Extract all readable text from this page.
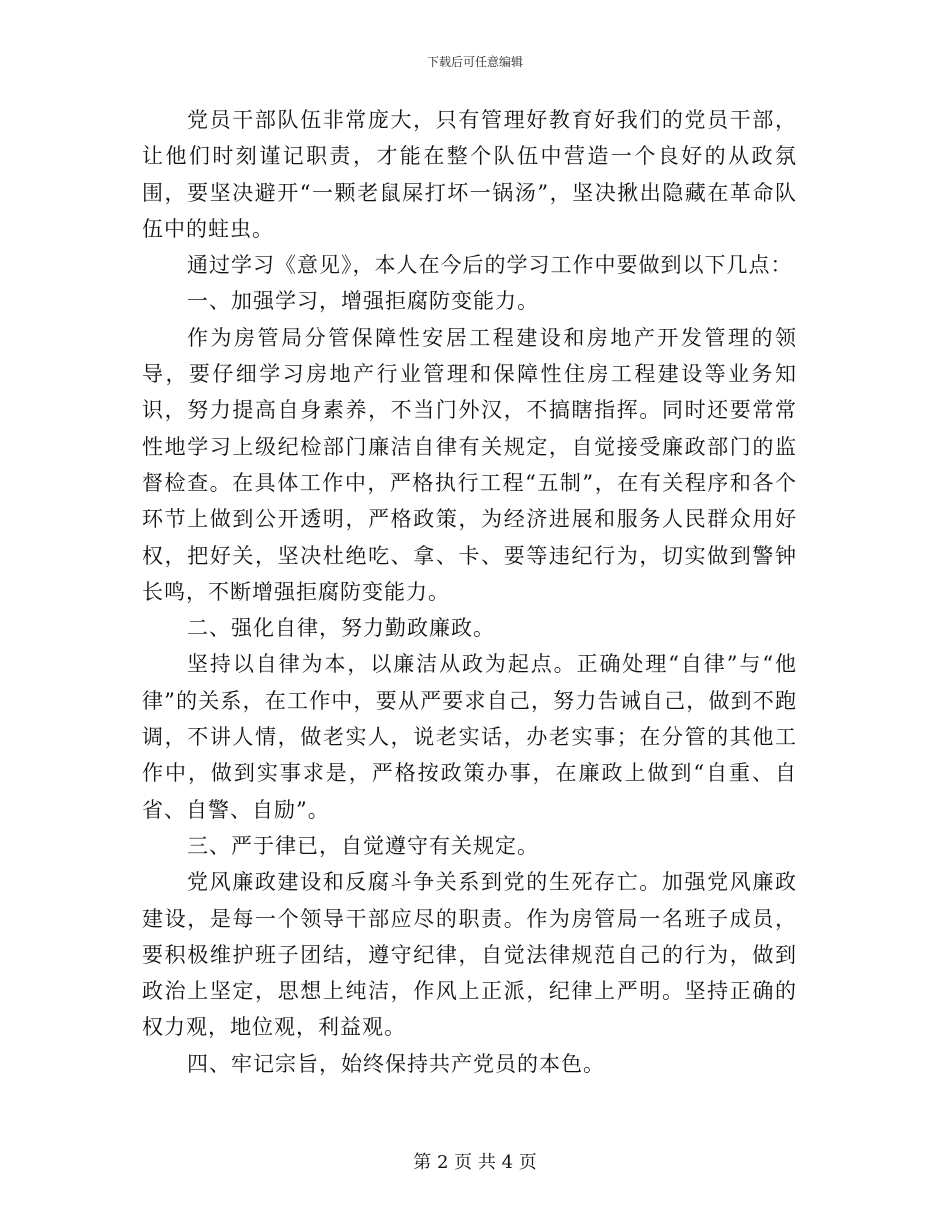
下载后可任意编辑

党员干部队伍非常庞大，只有管理好教育好我们的党员干部，让他们时刻谨记职责，才能在整个队伍中营造一个良好的从政氛围，要坚决避开“一颗老鼠屎打坏一锅汤”，坚决揪出隐藏在革命队伍中的蛀虫。

通过学习《意见》，本人在今后的学习工作中要做到以下几点：

一、加强学习，增强拒腐防变能力。

作为房管局分管保障性安居工程建设和房地产开发管理的领导，要仔细学习房地产行业管理和保障性住房工程建设等业务知识，努力提高自身素养，不当门外汉，不搞瞎指挥。同时还要常常性地学习上级纪检部门廉洁自律有关规定，自觉接受廉政部门的监督检查。在具体工作中，严格执行工程“五制”，在有关程序和各个环节上做到公开透明，严格政策，为经济进展和服务人民群众用好权，把好关，坚决杜绝吃、拿、卡、要等违纪行为，切实做到警钟长鸣，不断增强拒腐防变能力。

二、强化自律，努力勤政廉政。

坚持以自律为本，以廉洁从政为起点。正确处理“自律”与“他律”的关系，在工作中，要从严要求自己，努力告诫自己，做到不跑调，不讲人情，做老实人，说老实话，办老实事；在分管的其他工作中，做到实事求是，严格按政策办事，在廉政上做到“自重、自省、自警、自励”。

三、严于律已，自觉遵守有关规定。

党风廉政建设和反腐斗争关系到党的生死存亡。加强党风廉政建设，是每一个领导干部应尽的职责。作为房管局一名班子成员，要积极维护班子团结，遵守纪律，自觉法律规范自己的行为，做到政治上坚定，思想上纯洁，作风上正派，纪律上严明。坚持正确的权力观，地位观，利益观。

四、牢记宗旨，始终保持共产党员的本色。

第 2 页 共 4 页
